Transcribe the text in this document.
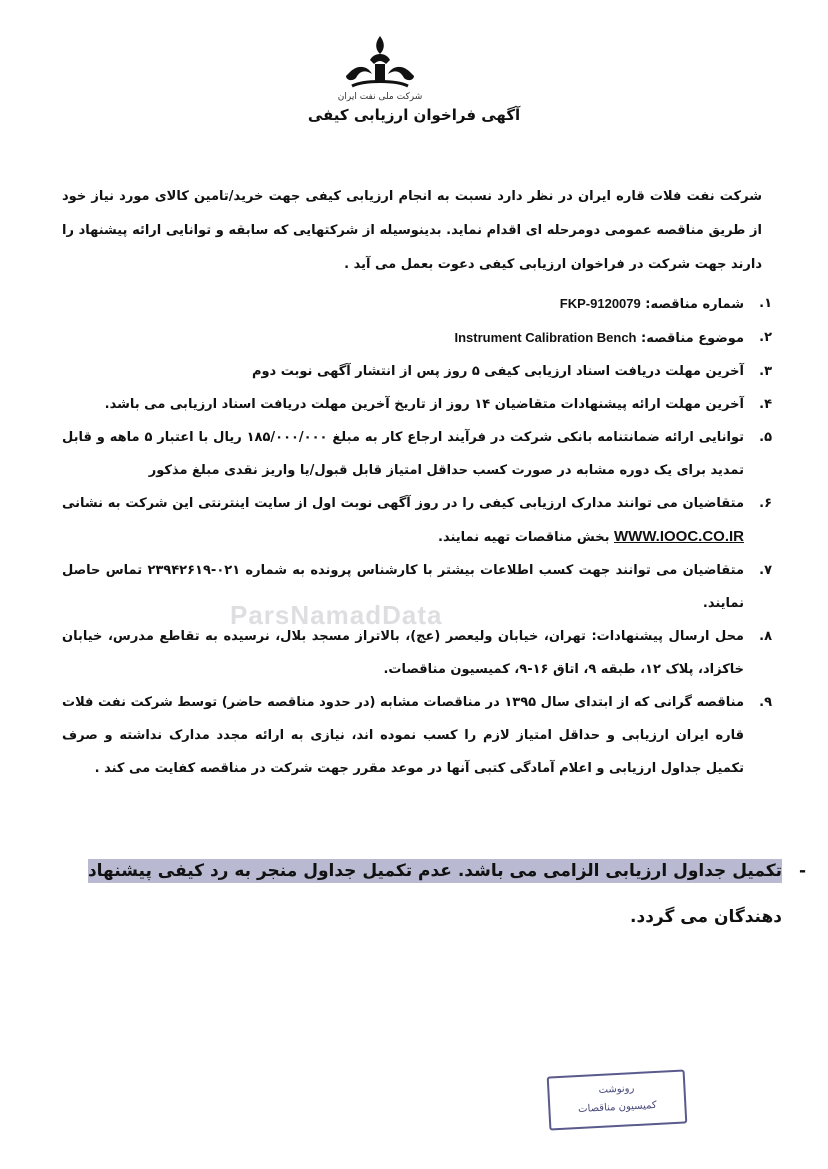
شرکت ملی نفت ایران
آگهی فراخوان ارزیابی کیفی
شرکت نفت فلات قاره ایران در نظر دارد نسبت به انجام ارزیابی کیفی جهت خرید/تامین کالای مورد نیاز خود از طریق مناقصه عمومی دومرحله ای اقدام نماید. بدینوسیله از شرکتهایی که سابقه و توانایی ارائه پیشنهاد را دارند جهت شرکت در فراخوان ارزیابی کیفی دعوت بعمل می آید .
۱.
شماره مناقصه: FKP-9120079
۲.
موضوع مناقصه: Instrument Calibration Bench
۳.
آخرین مهلت دریافت اسناد ارزیابی کیفی ۵ روز پس از انتشار آگهی نوبت دوم
۴.
آخرین مهلت ارائه پیشنهادات متقاضیان ۱۴ روز از تاریخ آخرین مهلت دریافت اسناد ارزیابی می باشد.
۵.
توانایی ارائه ضمانتنامه بانکی شرکت در فرآیند ارجاع کار به مبلغ ۱۸۵/۰۰۰/۰۰۰ ریال با اعتبار ۵ ماهه و قابل تمدید برای یک دوره مشابه در صورت کسب حداقل امتیاز قابل قبول/یا واریز نقدی مبلغ مذکور
۶.
متقاضیان می توانند مدارک ارزیابی کیفی را در روز آگهی نوبت اول از سایت اینترنتی این شرکت به نشانی WWW.IOOC.CO.IR بخش مناقصات تهیه نمایند.
۷.
متقاضیان می توانند جهت کسب اطلاعات بیشتر با کارشناس پرونده به شماره ۰۲۱-۲۳۹۴۲۶۱۹ تماس حاصل نمایند.
۸.
محل ارسال پیشنهادات: تهران، خیابان ولیعصر (عج)، بالاتراز مسجد بلال، نرسیده به تقاطع مدرس، خیابان خاکزاد، پلاک ۱۲، طبقه ۹، اتاق ۱۶-۹، کمیسیون مناقصات.
۹.
مناقصه گرانی که از ابتدای سال ۱۳۹۵ در مناقصات مشابه (در حدود مناقصه حاضر) توسط شرکت نفت فلات قاره ایران ارزیابی و حداقل امتیاز لازم را کسب نموده اند، نیازی به ارائه مجدد مدارک نداشته و صرف تکمیل جداول ارزیابی و اعلام آمادگی کتبی آنها در موعد مقرر جهت شرکت در مناقصه کفایت می کند .
-
تکمیل جداول ارزیابی الزامی می باشد. عدم تکمیل جداول منجر به رد کیفی پیشنهاد دهندگان می گردد.
ParsNamadData
رونوشت
کمیسیون مناقصات
